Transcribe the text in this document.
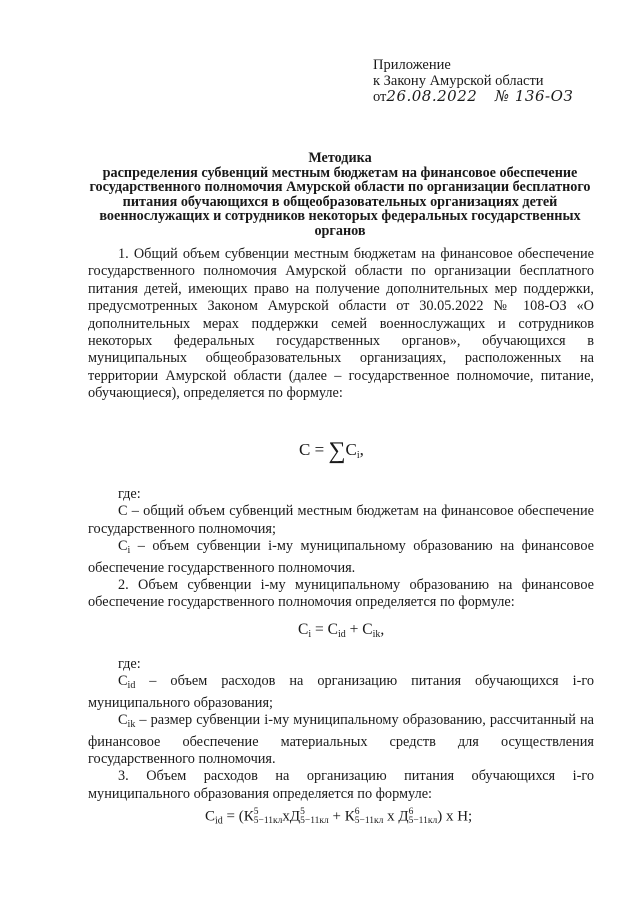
Приложение
к Закону Амурской области
от26.08.2022 № 136-ОЗ
Методика
распределения субвенций местным бюджетам на финансовое обеспечение государственного полномочия Амурской области по организации бесплатного питания обучающихся в общеобразовательных организациях детей военнослужащих и сотрудников некоторых федеральных государственных органов

1. Общий объем субвенции местным бюджетам на финансовое обеспечение государственного полномочия Амурской области по организации бесплатного питания детей, имеющих право на получение дополнительных мер поддержки, предусмотренных Законом Амурской области от 30.05.2022 № 108-ОЗ «О дополнительных мерах поддержки семей военнослужащих и сотрудников некоторых федеральных государственных органов», обучающихся в муниципальных общеобразовательных организациях, расположенных на территории Амурской области (далее – государственное полномочие, питание, обучающиеся), определяется по формуле:

$C = \sum C_i$,

где:

С – общий объем субвенций местным бюджетам на финансовое обеспечение государственного полномочия;

$C_i$ – объем субвенции i-му муниципальному образованию на финансовое обеспечение государственного полномочия.

2. Объем субвенции i-му муниципальному образованию на финансовое обеспечение государственного полномочия определяется по формуле:

$C_i = C_{id} + C_{ik}$,

где:

$C_{id}$ – объем расходов на организацию питания обучающихся i-го муниципального образования;

$C_{ik}$ – размер субвенции i-му муниципальному образованию, рассчитанный на финансовое обеспечение материальных средств для осуществления государственного полномочия.

3. Объем расходов на организацию питания обучающихся i-го муниципального образования определяется по формуле:

$C_{id} = (К$ 5
5−11кл хД 5
5−11кл + К 6
5−11кл х Д 6
5−11кл ) х Н;
